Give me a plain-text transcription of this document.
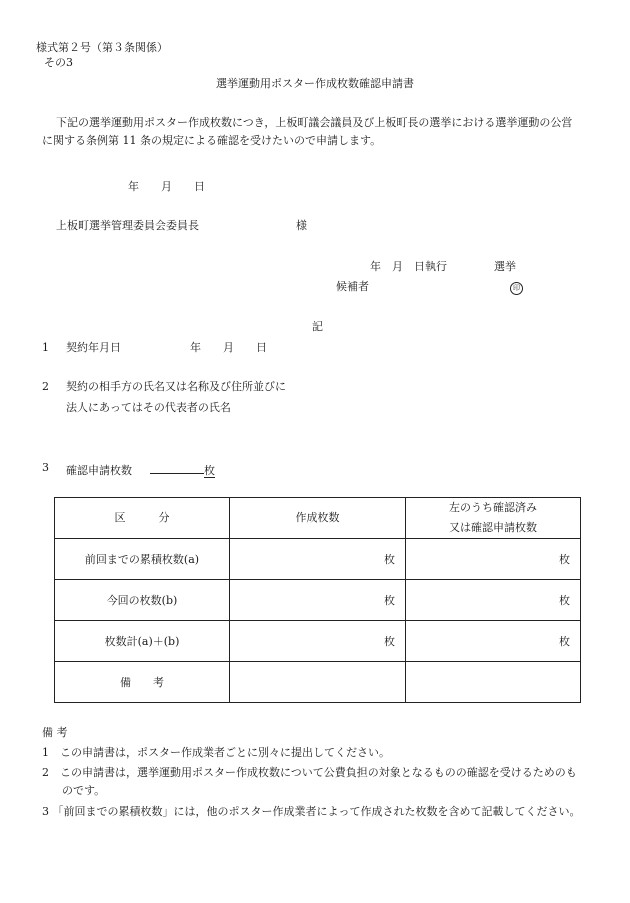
様式第２号（第３条関係）
その3
選挙運動用ポスター作成枚数確認申請書
下記の選挙運動用ポスター作成枚数につき，上板町議会議員及び上板町長の選挙における選挙運動の公営
に関する条例第 11 条の規定による確認を受けたいので申請します。
年　　月　　日
上板町選挙管理委員会委員長	様
年　月　日執行	選挙
候補者	印
記
1 契約年月日	年　　月　　日
2 契約の相手方の氏名又は名称及び住所並びに
法人にあってはその代表者の氏名
3 確認申請枚数	枚
区　　　分	作成枚数	左のうち確認済み
又は確認申請枚数

前回までの累積枚数(a)	枚	枚
今回の枚数(b)	枚	枚
枚数計(a)＋(b)	枚	枚
備　　考		
備 考
1　この申請書は，ポスター作成業者ごとに別々に提出してください。
2　この申請書は，選挙運動用ポスター作成枚数について公費負担の対象となるものの確認を受けるためのも
のです。
3 「前回までの累積枚数」には，他のポスター作成業者によって作成された枚数を含めて記載してください。
